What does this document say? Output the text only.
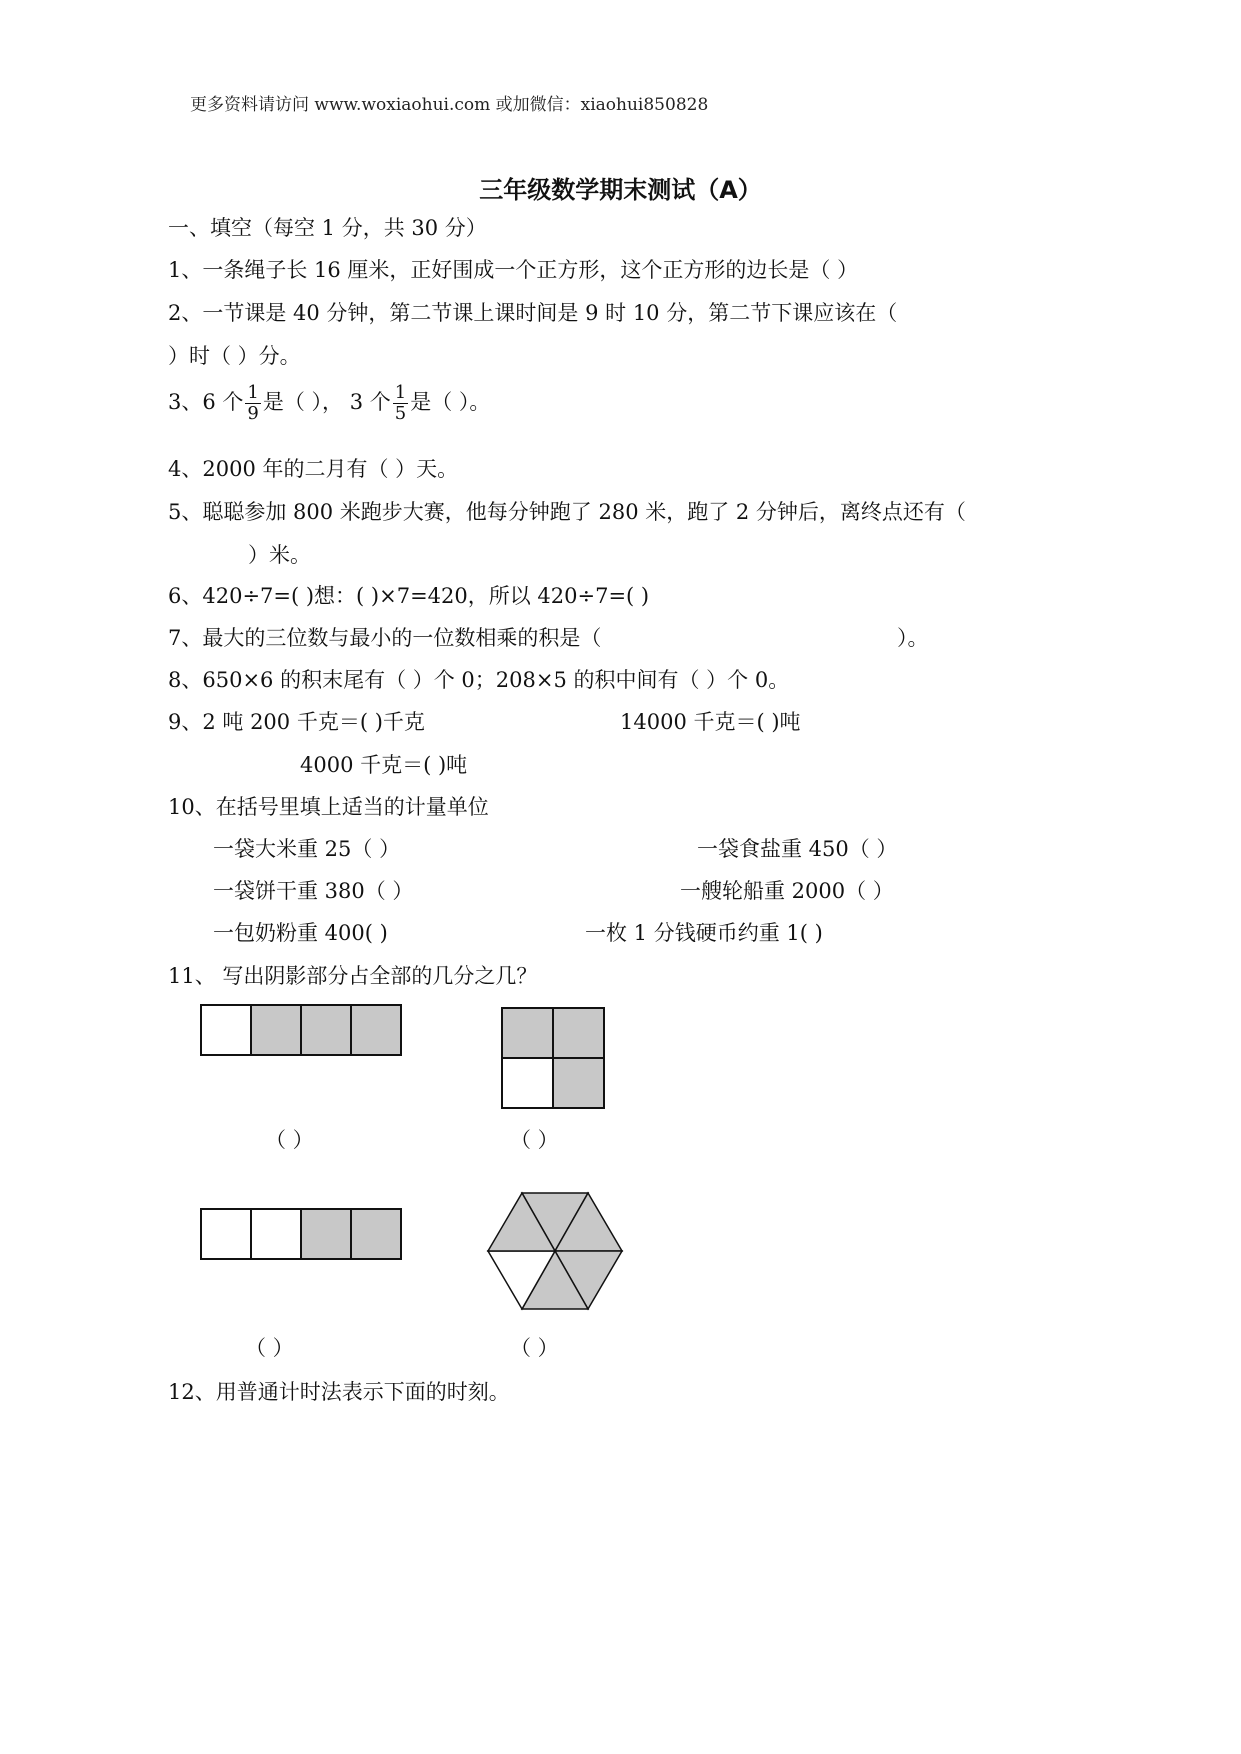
更多资料请访问 www.woxiaohui.com 或加微信：xiaohui850828
三年级数学期末测试（A）
一、填空（每空 1 分，共 30 分）
1、一条绳子长 16 厘米，正好围成一个正方形，这个正方形的边长是（ ）
2、一节课是 40 分钟，第二节课上课时间是 9 时 10 分，第二节下课应该在（
）时（ ）分。
3、6 个 $\frac{1}{9}$ 是（ ）， 3 个 $\frac{1}{5}$ 是（ ）。
4、2000 年的二月有（ ）天。
5、聪聪参加 800 米跑步大赛，他每分钟跑了 280 米，跑了 2 分钟后，离终点还有（
）米。
6、420÷7=( )想：( )×7=420，所以 420÷7=( )
7、最大的三位数与最小的一位数相乘的积是（	）。
8、650×6 的积末尾有（ ）个 0；208×5 的积中间有（ ）个 0。
9、2 吨 200 千克＝( )千克	14000 千克＝( )吨
4000 千克＝( )吨
10、在括号里填上适当的计量单位
一袋大米重 25（ ）	一袋食盐重 450（ ）
一袋饼干重 380（ ）	一艘轮船重 2000（ ）
一包奶粉重 400( )	一枚 1 分钱硬币约重 1( )
11、 写出阴影部分占全部的几分之几？
（ ）	（ ）
（ ）	（ ）
12、用普通计时法表示下面的时刻。
